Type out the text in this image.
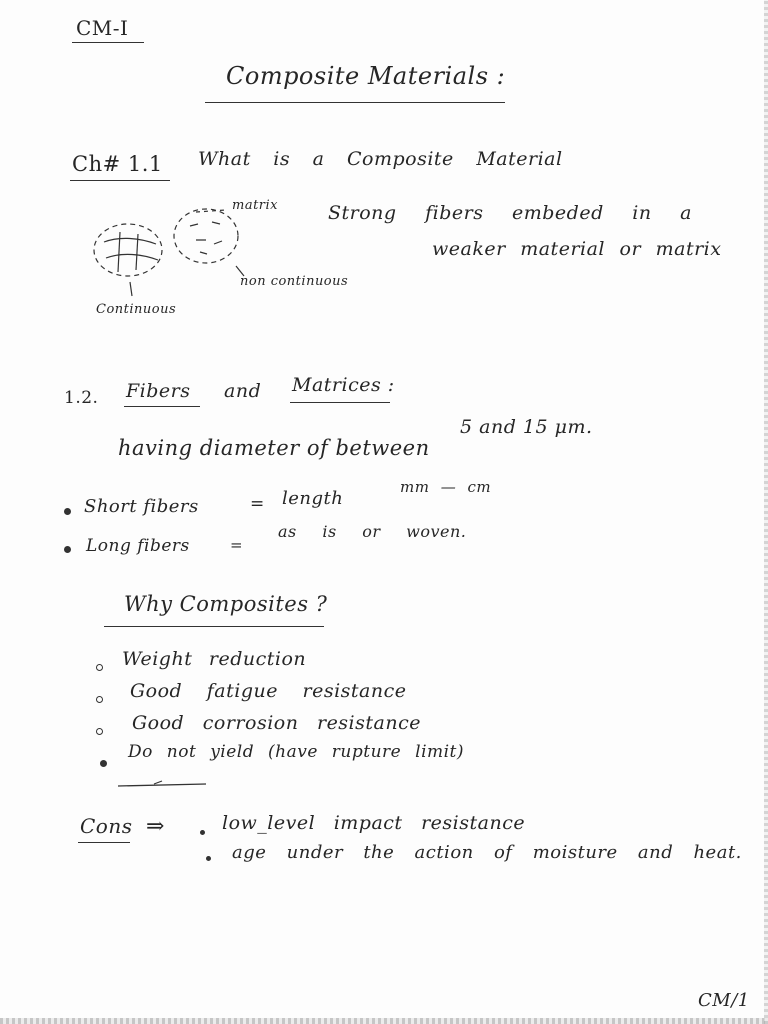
CM-I
Composite Materials :
Ch# 1.1 What is a Composite Material
matrix
non continuous
Continuous
Strong fibers embeded in a
weaker material or matrix
1.2. Fibers and Matrices :
having diameter of between
5 and 15 μm.
Short fibers	= length
mm — cm
Long fibers	=
as is or woven.
Why Composites ?
Weight reduction
Good fatigue resistance
Good corrosion resistance
Do not yield (have rupture limit)
Cons ⇒	low_level impact resistance
age under the action of moisture and heat.
CM/1
